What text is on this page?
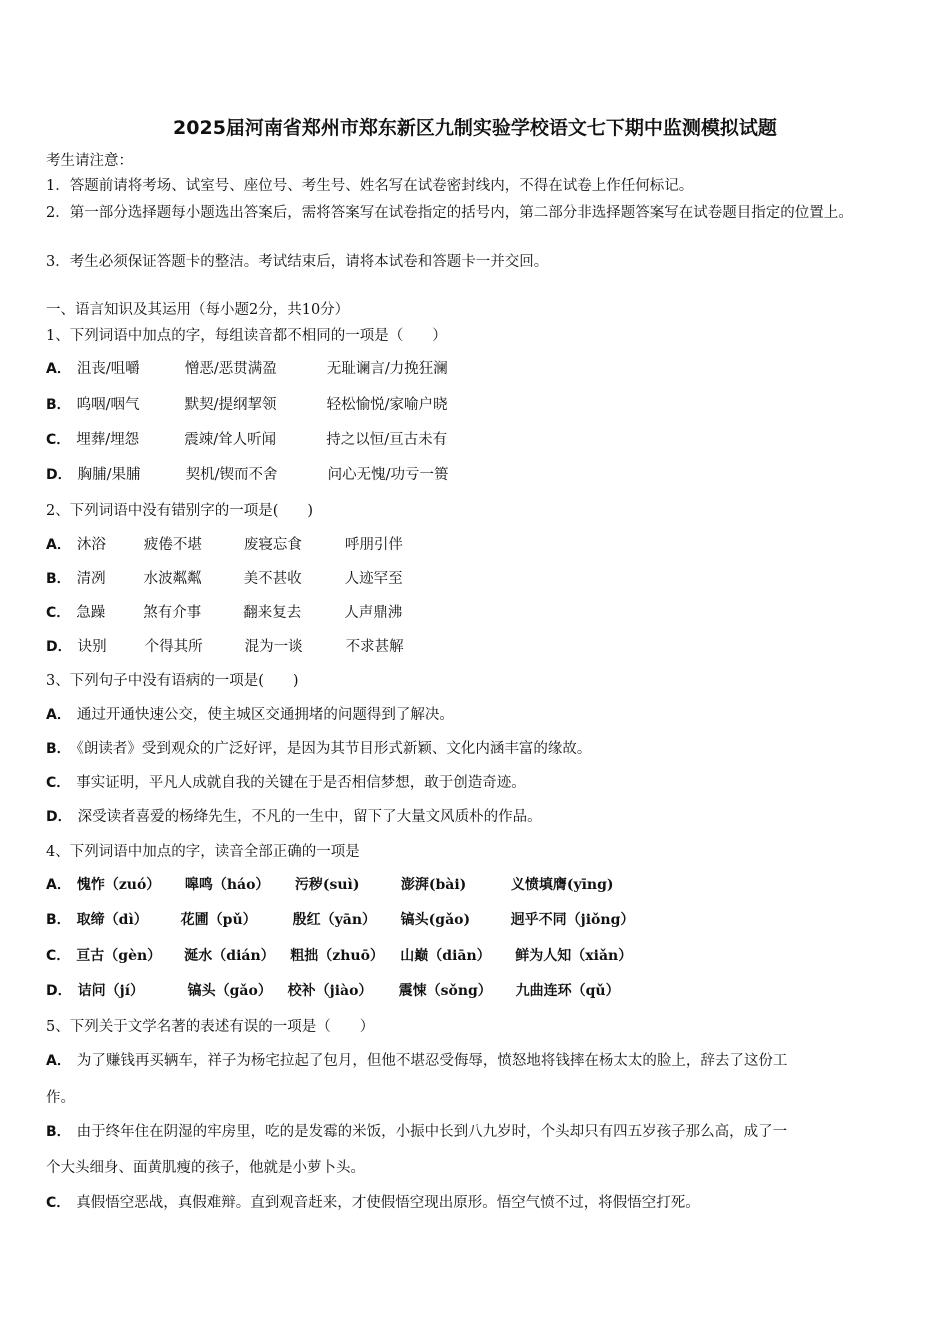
2025届河南省郑州市郑东新区九制实验学校语文七下期中监测模拟试题
考生请注意：
1．答题前请将考场、试室号、座位号、考生号、姓名写在试卷密封线内，不得在试卷上作任何标记。
2．第一部分选择题每小题选出答案后，需将答案写在试卷指定的括号内，第二部分非选择题答案写在试卷题目指定的位置上。
3．考生必须保证答题卡的整洁。考试结束后，请将本试卷和答题卡一并交回。
一、语言知识及其运用（每小题2分，共10分）
1、下列词语中加点的字，每组读音都不相同的一项是（　　）
A． 沮丧/咀嚼	憎恶/恶贯满盈	无耻谰言/力挽狂澜
B． 呜咽/咽气	默契/提纲挈领	轻松愉悦/家喻户晓
C． 埋葬/埋怨	震竦/耸人听闻	持之以恒/亘古未有
D． 胸脯/果脯	契机/锲而不舍	问心无愧/功亏一篑
2、下列词语中没有错别字的一项是(　　)
A． 沐浴	疲倦不堪	废寝忘食	呼朋引伴
B． 清冽	水波粼粼	美不甚收	人迹罕至
C． 急躁	煞有介事	翻来复去	人声鼎沸
D． 诀别	个得其所	混为一谈	不求甚解
3、下列句子中没有语病的一项是(　　)
A． 通过开通快速公交，使主城区交通拥堵的问题得到了解决。
B． 《朗读者》受到观众的广泛好评，是因为其节目形式新颖、文化内涵丰富的缘故。
C． 事实证明，平凡人成就自我的关键在于是否相信梦想，敢于创造奇迹。
D． 深受读者喜爱的杨绛先生，不凡的一生中，留下了大量文风质朴的作品。
4、下列词语中加点的字，读音全部正确的一项是
A． 愧怍（zuó） 嗥鸣（háo） 污秽(suì)	澎湃(bài)	义愤填膺(yīng)
B． 取缔（dì） 花圃（pǔ）	殷红（yān） 镐头(gǎo)	迥乎不同（jiǒng）
C． 亘古（gèn） 涎水（dián） 粗拙（zhuō） 山巅（diān） 鲜为人知（xiǎn）
D． 诘问（jí）	镐头（gǎo） 校补（jiào） 震悚（sǒng） 九曲连环（qǔ）
5、下列关于文学名著的表述有误的一项是（　　）
A． 为了赚钱再买辆车，祥子为杨宅拉起了包月，但他不堪忍受侮辱，愤怒地将钱摔在杨太太的脸上，辞去了这份工
作。
B． 由于终年住在阴湿的牢房里，吃的是发霉的米饭，小振中长到八九岁时，个头却只有四五岁孩子那么高，成了一
个大头细身、面黄肌瘦的孩子，他就是小萝卜头。
C． 真假悟空恶战，真假难辩。直到观音赶来，才使假悟空现出原形。悟空气愤不过，将假悟空打死。
